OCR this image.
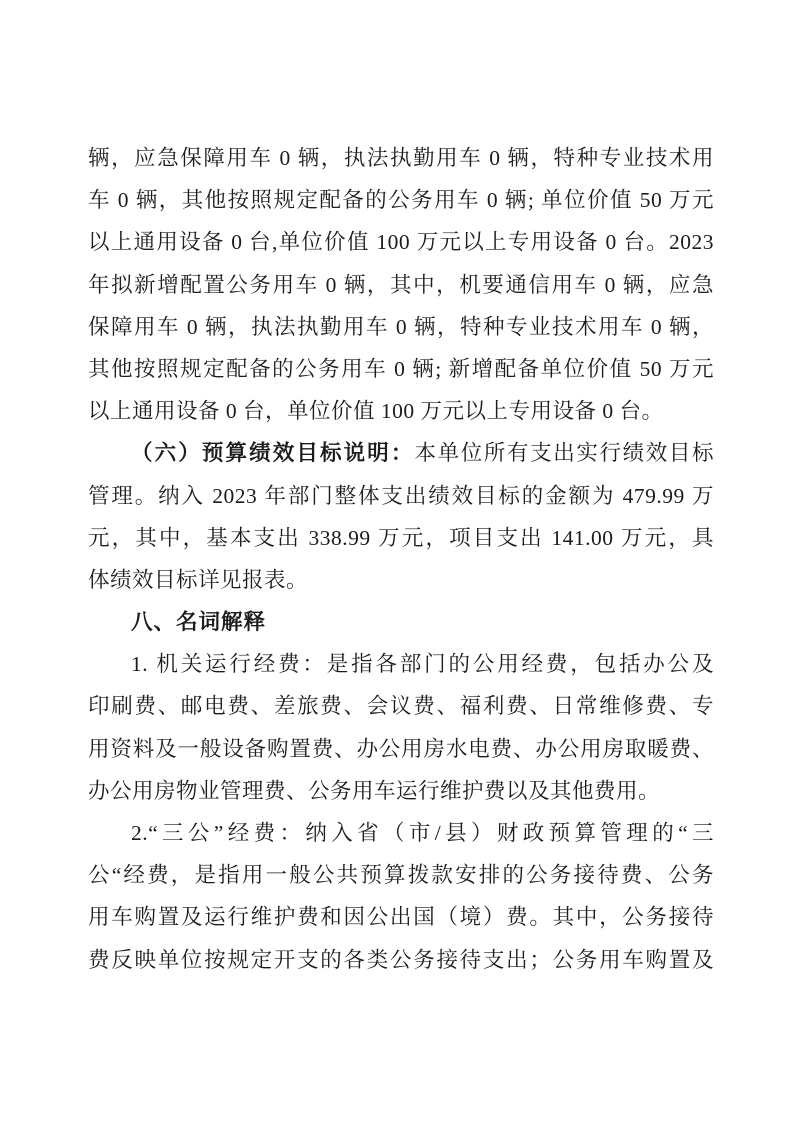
辆，应急保障用车 0 辆，执法执勤用车 0 辆，特种专业技术用
车 0 辆，其他按照规定配备的公务用车 0 辆; 单位价值 50 万元
以上通用设备 0 台,单位价值 100 万元以上专用设备 0 台。2023
年拟新增配置公务用车 0 辆，其中，机要通信用车 0 辆，应急
保障用车 0 辆，执法执勤用车 0 辆，特种专业技术用车 0 辆，
其他按照规定配备的公务用车 0 辆; 新增配备单位价值 50 万元
以上通用设备 0 台，单位价值 100 万元以上专用设备 0 台。
（六）预算绩效目标说明：本单位所有支出实行绩效目标
管理。纳入 2023 年部门整体支出绩效目标的金额为 479.99 万
元，其中，基本支出 338.99 万元，项目支出 141.00 万元，具
体绩效目标详见报表。
八、名词解释
1. 机关运行经费：是指各部门的公用经费，包括办公及
印刷费、邮电费、差旅费、会议费、福利费、日常维修费、专
用资料及一般设备购置费、办公用房水电费、办公用房取暖费、
办公用房物业管理费、公务用车运行维护费以及其他费用。
2.“三公”经费：纳入省（市/县）财政预算管理的“三
公“经费，是指用一般公共预算拨款安排的公务接待费、公务
用车购置及运行维护费和因公出国（境）费。其中，公务接待
费反映单位按规定开支的各类公务接待支出；公务用车购置及
